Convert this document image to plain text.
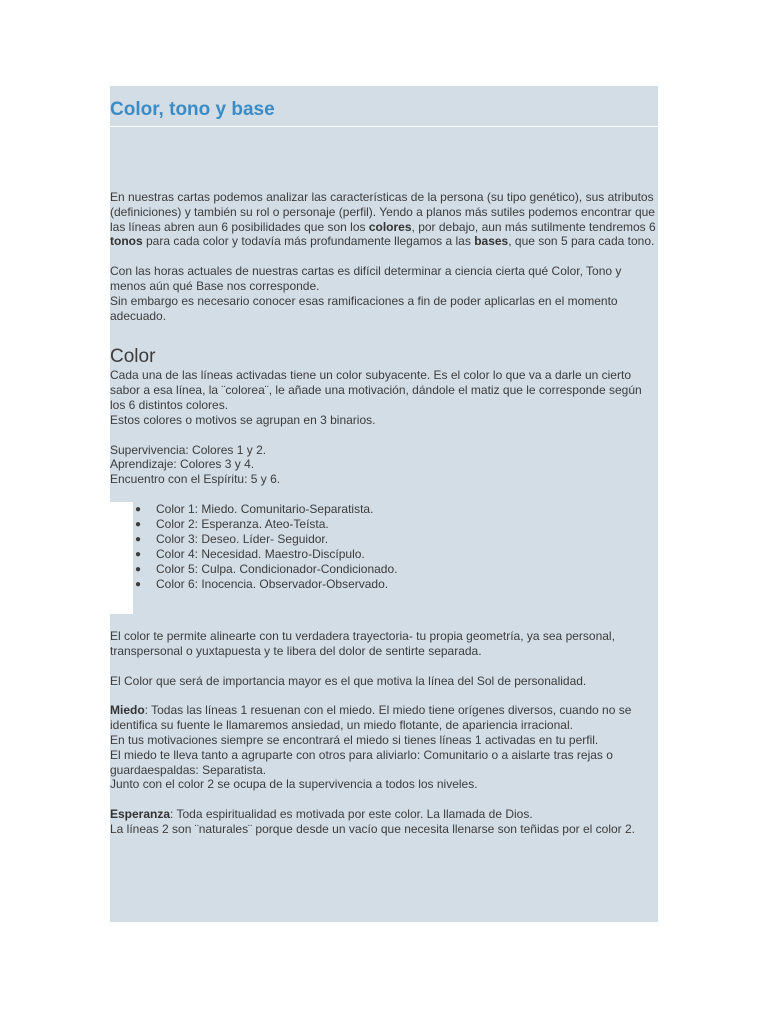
Color, tono y base

En nuestras cartas podemos analizar las características de la persona (su tipo genético), sus atributos (definiciones) y también su rol o personaje (perfil). Yendo a planos más sutiles podemos encontrar que las líneas abren aun 6 posibilidades que son los colores, por debajo, aun más sutilmente tendremos 6 tonos para cada color y todavía más profundamente llegamos a las bases, que son 5 para cada tono.

Con las horas actuales de nuestras cartas es difícil determinar a ciencia cierta qué Color, Tono y menos aún qué Base nos corresponde.
Sin embargo es necesario conocer esas ramificaciones a fin de poder aplicarlas en el momento adecuado.

Color

Cada una de las líneas activadas tiene un color subyacente. Es el color lo que va a darle un cierto sabor a esa línea, la ¨colorea¨, le añade una motivación, dándole el matiz que le corresponde según los 6 distintos colores.
Estos colores o motivos se agrupan en 3 binarios.

Supervivencia: Colores 1 y 2.
Aprendizaje: Colores 3 y 4.
Encuentro con el Espíritu: 5 y 6.

● Color 1: Miedo. Comunitario-Separatista.
● Color 2: Esperanza. Ateo-Teísta.
● Color 3: Deseo. Líder- Seguidor.
● Color 4: Necesidad. Maestro-Discípulo.
● Color 5: Culpa. Condicionador-Condicionado.
● Color 6: Inocencia. Observador-Observado.

El color te permite alinearte con tu verdadera trayectoria- tu propia geometría, ya sea personal, transpersonal o yuxtapuesta y te libera del dolor de sentirte separada.

El Color que será de importancia mayor es el que motiva la línea del Sol de personalidad.

Miedo: Todas las líneas 1 resuenan con el miedo. El miedo tiene orígenes diversos, cuando no se identifica su fuente le llamaremos ansiedad, un miedo flotante, de apariencia irracional.
En tus motivaciones siempre se encontrará el miedo si tienes líneas 1 activadas en tu perfil.
El miedo te lleva tanto a agruparte con otros para aliviarlo: Comunitario o a aislarte tras rejas o guardaespaldas: Separatista.
Junto con el color 2 se ocupa de la supervivencia a todos los niveles.

Esperanza: Toda espiritualidad es motivada por este color. La llamada de Dios.
La líneas 2 son ¨naturales¨ porque desde un vacío que necesita llenarse son teñidas por el color 2.
